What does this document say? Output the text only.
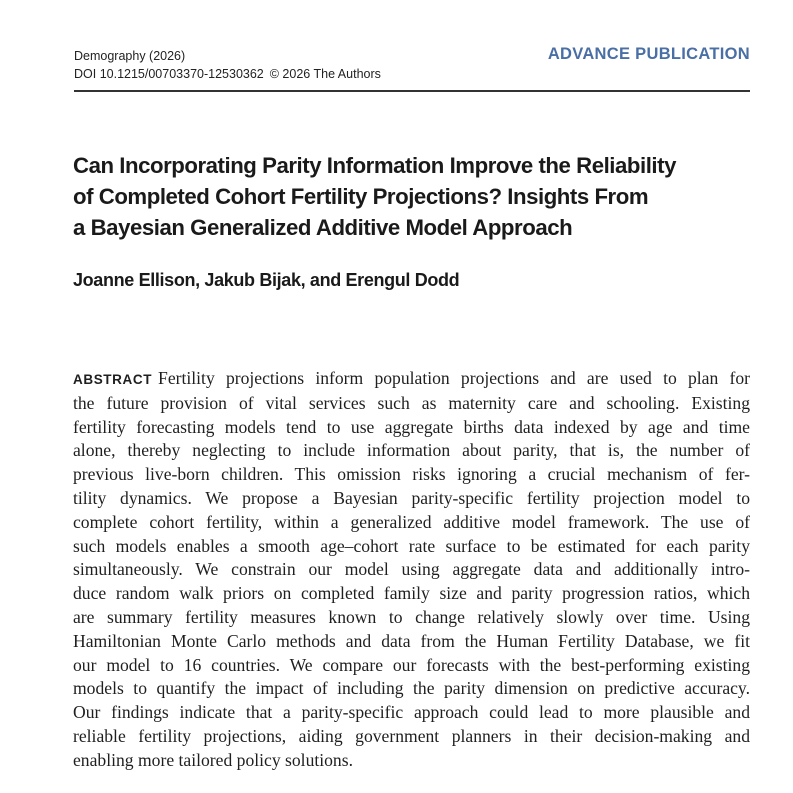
Demography (2026)
DOI 10.1215/00703370-12530362 © 2026 The Authors
ADVANCE PUBLICATION
Can Incorporating Parity Information Improve the Reliability
of Completed Cohort Fertility Projections? Insights From
a Bayesian Generalized Additive Model Approach

Joanne Ellison, Jakub Bijak, and Erengul Dodd

ABSTRACT Fertility projections inform population projections and are used to plan for
the future provision of vital services such as maternity care and schooling. Existing
fertility forecasting models tend to use aggregate births data indexed by age and time
alone, thereby neglecting to include information about parity, that is, the number of
previous live-born children. This omission risks ignoring a crucial mechanism of fer-
tility dynamics. We propose a Bayesian parity-specific fertility projection model to
complete cohort fertility, within a generalized additive model framework. The use of
such models enables a smooth age–cohort rate surface to be estimated for each parity
simultaneously. We constrain our model using aggregate data and additionally intro-
duce random walk priors on completed family size and parity progression ratios, which
are summary fertility measures known to change relatively slowly over time. Using
Hamiltonian Monte Carlo methods and data from the Human Fertility Database, we fit
our model to 16 countries. We compare our forecasts with the best-performing existing
models to quantify the impact of including the parity dimension on predictive accuracy.
Our findings indicate that a parity-specific approach could lead to more plausible and
reliable fertility projections, aiding government planners in their decision-making and
enabling more tailored policy solutions.
